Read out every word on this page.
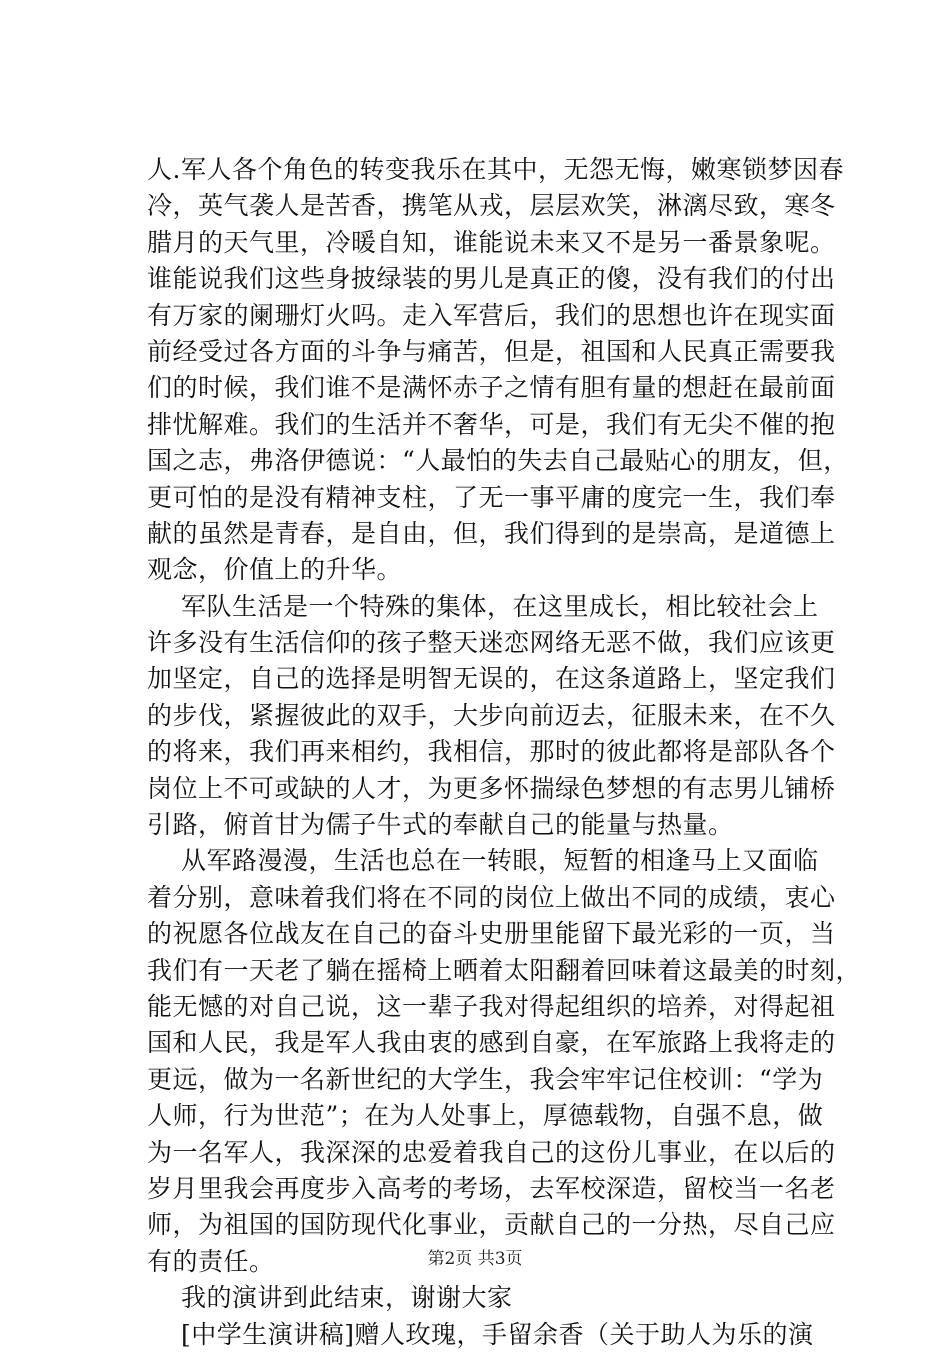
人.军人各个角色的转变我乐在其中，无怨无悔，嫩寒锁梦因春
冷，英气袭人是苦香，携笔从戎，层层欢笑，淋漓尽致，寒冬
腊月的天气里，冷暖自知，谁能说未来又不是另一番景象呢。
谁能说我们这些身披绿装的男儿是真正的傻，没有我们的付出
有万家的阑珊灯火吗。走入军营后，我们的思想也许在现实面
前经受过各方面的斗争与痛苦，但是，祖国和人民真正需要我
们的时候，我们谁不是满怀赤子之情有胆有量的想赶在最前面
排忧解难。我们的生活并不奢华，可是，我们有无尖不催的抱
国之志，弗洛伊德说：“人最怕的失去自己最贴心的朋友，但，
更可怕的是没有精神支柱，了无一事平庸的度完一生，我们奉
献的虽然是青春，是自由，但，我们得到的是崇高，是道德上
观念，价值上的升华。
军队生活是一个特殊的集体，在这里成长，相比较社会上
许多没有生活信仰的孩子整天迷恋网络无恶不做，我们应该更
加坚定，自己的选择是明智无误的，在这条道路上，坚定我们
的步伐，紧握彼此的双手，大步向前迈去，征服未来，在不久
的将来，我们再来相约，我相信，那时的彼此都将是部队各个
岗位上不可或缺的人才，为更多怀揣绿色梦想的有志男儿铺桥
引路，俯首甘为儒子牛式的奉献自己的能量与热量。
从军路漫漫，生活也总在一转眼，短暂的相逢马上又面临
着分别，意味着我们将在不同的岗位上做出不同的成绩，衷心
的祝愿各位战友在自己的奋斗史册里能留下最光彩的一页，当
我们有一天老了躺在摇椅上晒着太阳翻着回味着这最美的时刻，
能无憾的对自己说，这一辈子我对得起组织的培养，对得起祖
国和人民，我是军人我由衷的感到自豪，在军旅路上我将走的
更远，做为一名新世纪的大学生，我会牢牢记住校训：“学为
人师，行为世范”；在为人处事上，厚德载物，自强不息，做
为一名军人，我深深的忠爱着我自己的这份儿事业，在以后的
岁月里我会再度步入高考的考场，去军校深造，留校当一名老
师，为祖国的国防现代化事业，贡献自己的一分热，尽自己应
有的责任。
我的演讲到此结束，谢谢大家
[中学生演讲稿]赠人玫瑰，手留余香（关于助人为乐的演
第2页 共3页
